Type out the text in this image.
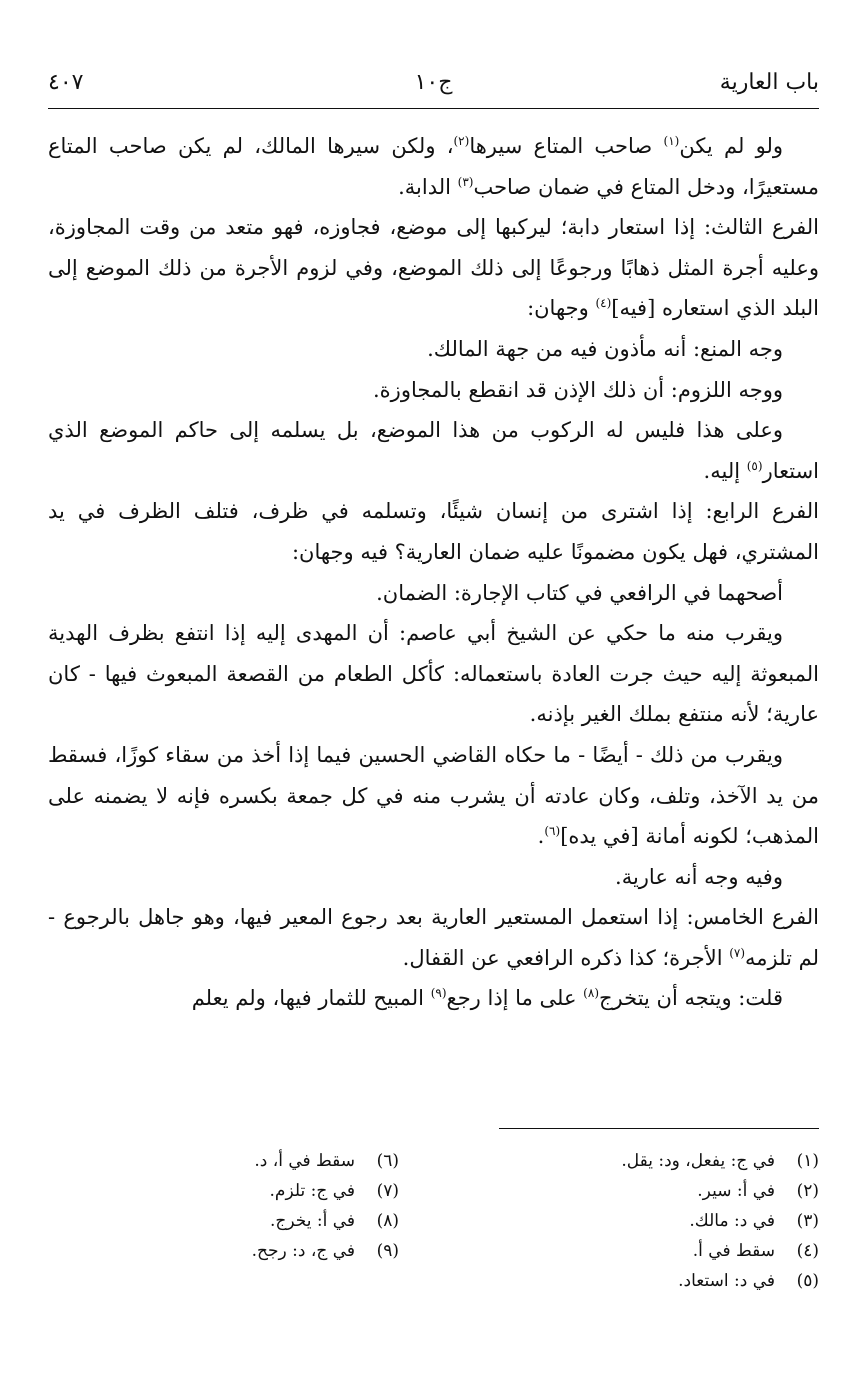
باب العارية
ج١٠
٤٠٧

ولو لم يكن$^{(١)}$ صاحب المتاع سيرها$^{(٢)}$، ولكن سيرها المالك، لم يكن صاحب المتاع مستعيرًا، ودخل المتاع في ضمان صاحب$^{(٣)}$ الدابة.

الفرع الثالث: إذا استعار دابة؛ ليركبها إلى موضع، فجاوزه، فهو متعد من وقت المجاوزة، وعليه أجرة المثل ذهابًا ورجوعًا إلى ذلك الموضع، وفي لزوم الأجرة من ذلك الموضع إلى البلد الذي استعاره [فيه]$^{(٤)}$ وجهان:

وجه المنع: أنه مأذون فيه من جهة المالك.

ووجه اللزوم: أن ذلك الإذن قد انقطع بالمجاوزة.

وعلى هذا فليس له الركوب من هذا الموضع، بل يسلمه إلى حاكم الموضع الذي استعار$^{(٥)}$ إليه.

الفرع الرابع: إذا اشترى من إنسان شيئًا، وتسلمه في ظرف، فتلف الظرف في يد المشتري، فهل يكون مضمونًا عليه ضمان العارية؟ فيه وجهان:

أصحهما في الرافعي في كتاب الإجارة: الضمان.

ويقرب منه ما حكي عن الشيخ أبي عاصم: أن المهدى إليه إذا انتفع بظرف الهدية المبعوثة إليه حيث جرت العادة باستعماله: كأكل الطعام من القصعة المبعوث فيها - كان عارية؛ لأنه منتفع بملك الغير بإذنه.

ويقرب من ذلك - أيضًا - ما حكاه القاضي الحسين فيما إذا أخذ من سقاء كوزًا، فسقط من يد الآخذ، وتلف، وكان عادته أن يشرب منه في كل جمعة بكسره فإنه لا يضمنه على المذهب؛ لكونه أمانة [في يده]$^{(٦)}$.

وفيه وجه أنه عارية.

الفرع الخامس: إذا استعمل المستعير العارية بعد رجوع المعير فيها، وهو جاهل بالرجوع - لم تلزمه$^{(٧)}$ الأجرة؛ كذا ذكره الرافعي عن القفال.

قلت: ويتجه أن يتخرج$^{(٨)}$ على ما إذا رجع$^{(٩)}$ المبيح للثمار فيها، ولم يعلم

(١)في ج: يفعل، ود: يقل.
(٢)في أ: سير.
(٣)في د: مالك.
(٤)سقط في أ.
(٥)في د: استعاد.
(٦)سقط في أ، د.
(٧)في ج: تلزم.
(٨)في أ: يخرج.
(٩)في ج، د: رجح.
